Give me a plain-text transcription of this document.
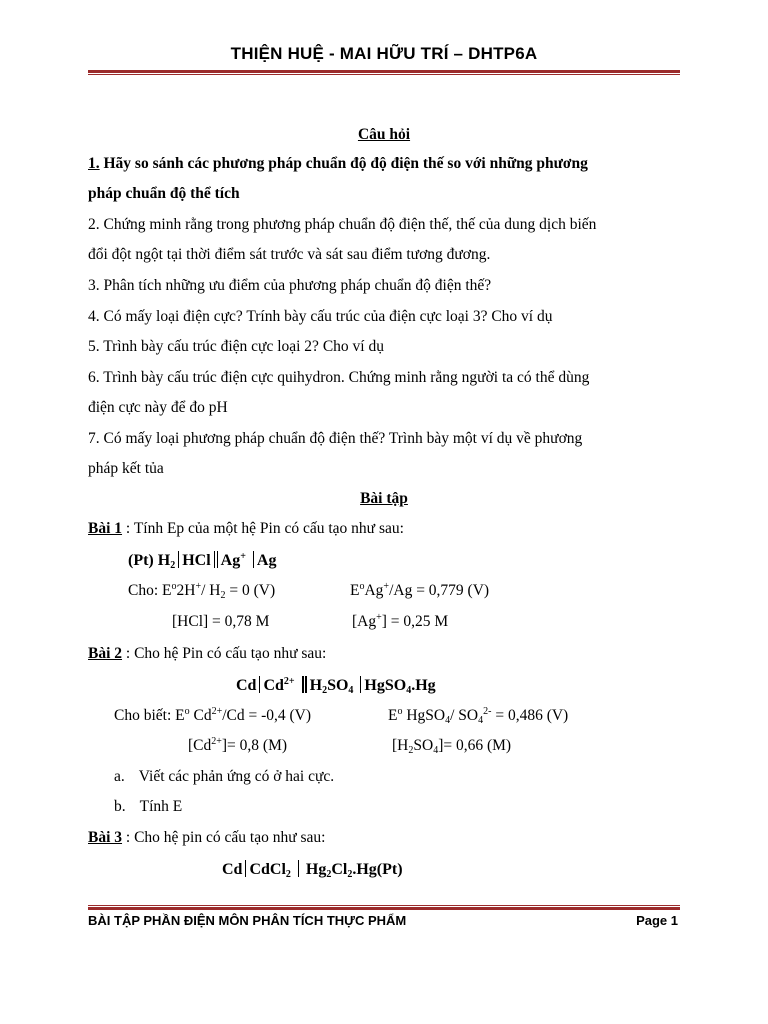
THIỆN HUỆ - MAI HỮU TRÍ – DHTP6A
Câu hỏi
1. Hãy so sánh các phương pháp chuẩn độ độ điện thế so với những phương
pháp chuẩn độ thể tích
2. Chứng minh rằng trong phương pháp chuẩn độ điện thế, thế của dung dịch biến
đổi đột ngột tại thời điểm sát trước và sát sau điểm tương đương.
3. Phân tích những ưu điểm của phương pháp chuẩn độ điện thế?
4. Có mấy loại điện cực? Trính bày cấu trúc của điện cực loại 3? Cho ví dụ
5. Trình bày cấu trúc điện cực loại 2? Cho ví dụ
6. Trình bày cấu trúc điện cực quihydron. Chứng minh rằng người ta có thể dùng
điện cực này để đo pH
7. Có mấy loại phương pháp chuẩn độ điện thế? Trình bày một ví dụ về phương
pháp kết tủa
Bài tập
Bài 1 : Tính Ep của một hệ Pin có cấu tạo như sau:
(Pt) $H_2$ HCl Ag+ Ag
Cho: $E^o2H^+/$ $H_2 = 0$ (V)	$E^oAg^+/Ag = 0,779$ (V)
[HCl] = 0,78 M	[Ag+] = 0,25 M
Bài 2 : Cho hệ Pin có cấu tạo như sau:
Cd $Cd^{2+}$ $H_2SO_4$ HgSO$_4$.Hg
Cho biết: $E^o$ $Cd^{2+}/Cd = -0,4$ (V)	$E^o$ HgSO$_4$/ $SO_4^{2-} = 0,486$ (V)
$[Cd^{2+}]= 0,8$ (M)	$[H_2SO_4]= 0,66$ (M)
a. Viết các phản ứng có ở hai cực.
b. Tính E
Bài 3 : Cho hệ pin có cấu tạo như sau:
Cd CdCl$_2$ $Hg_2Cl_2.Hg(Pt)$
BÀI TẬP PHẦN ĐIỆN MÔN PHÂN TÍCH THỰC PHẨM	Page 1
